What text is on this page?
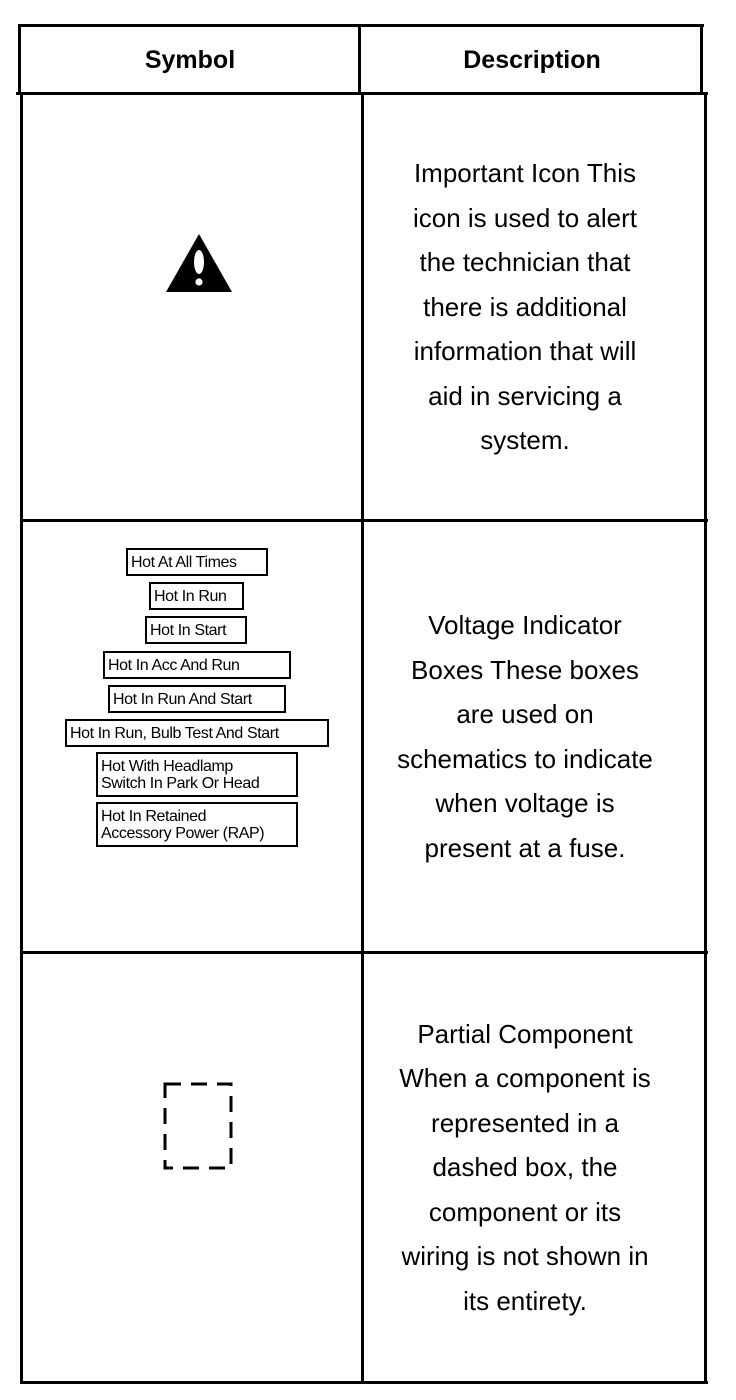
Symbol	Description
Important Icon This
icon is used to alert
the technician that
there is additional
information that will
aid in servicing a
system.
Hot At All Times
Hot In Run
Hot In Start
Hot In Acc And Run
Hot In Run And Start
Hot In Run, Bulb Test And Start
Hot With Headlamp
Switch In Park Or Head
Hot In Retained
Accessory Power (RAP)
Voltage Indicator
Boxes These boxes
are used on
schematics to indicate
when voltage is
present at a fuse.
Partial Component
When a component is
represented in a
dashed box, the
component or its
wiring is not shown in
its entirety.
